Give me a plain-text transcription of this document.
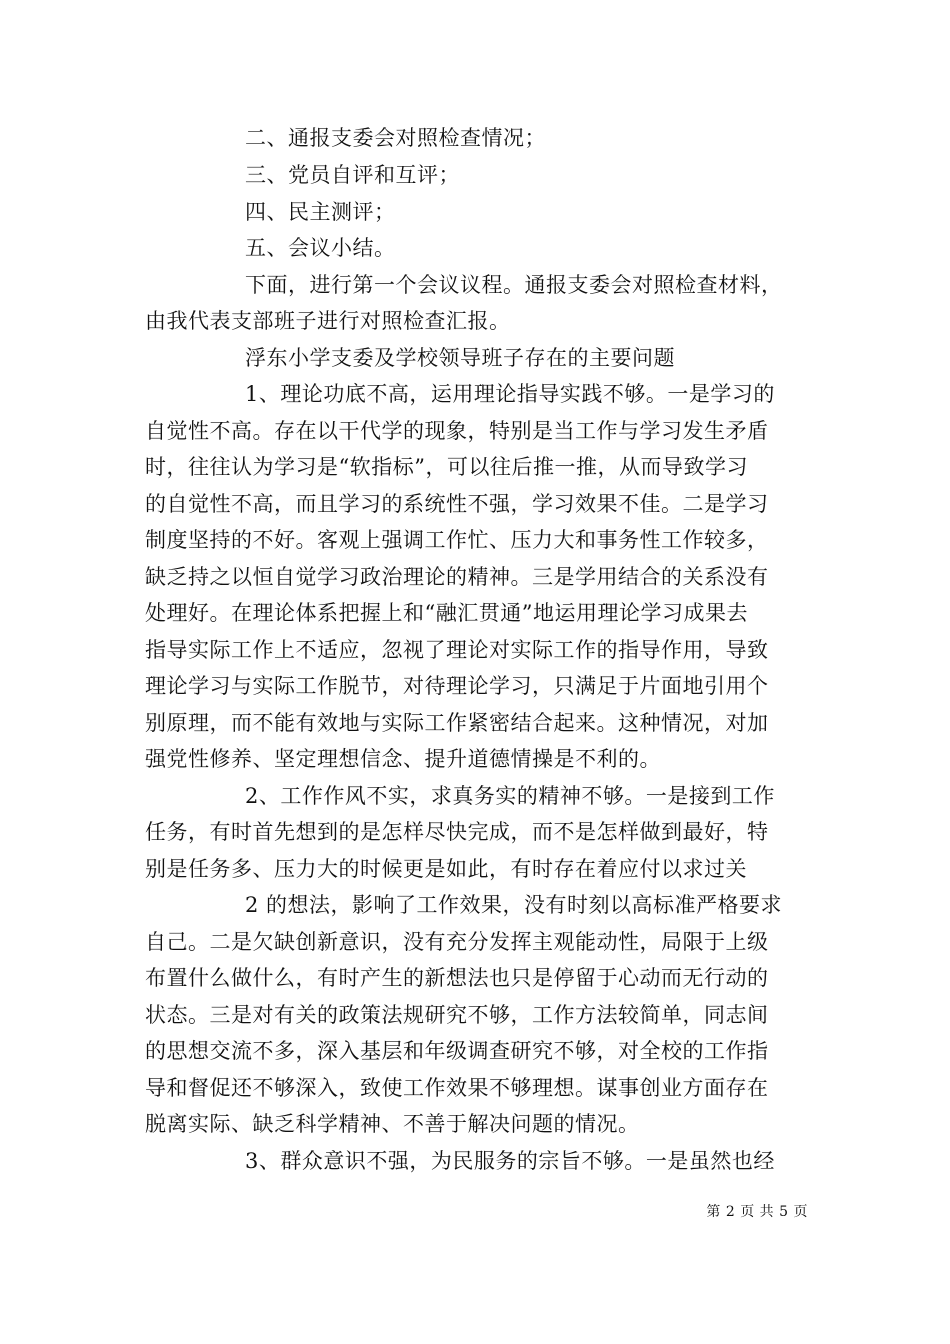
二、通报支委会对照检查情况；
三、党员自评和互评；
四、民主测评；
五、会议小结。
下面，进行第一个会议议程。通报支委会对照检查材料，
由我代表支部班子进行对照检查汇报。
浮东小学支委及学校领导班子存在的主要问题
1、理论功底不高，运用理论指导实践不够。一是学习的
自觉性不高。存在以干代学的现象，特别是当工作与学习发生矛盾
时，往往认为学习是“软指标”，可以往后推一推，从而导致学习
的自觉性不高，而且学习的系统性不强，学习效果不佳。二是学习
制度坚持的不好。客观上强调工作忙、压力大和事务性工作较多，
缺乏持之以恒自觉学习政治理论的精神。三是学用结合的关系没有
处理好。在理论体系把握上和“融汇贯通”地运用理论学习成果去
指导实际工作上不适应，忽视了理论对实际工作的指导作用，导致
理论学习与实际工作脱节，对待理论学习，只满足于片面地引用个
别原理，而不能有效地与实际工作紧密结合起来。这种情况，对加
强党性修养、坚定理想信念、提升道德情操是不利的。
2、工作作风不实，求真务实的精神不够。一是接到工作
任务，有时首先想到的是怎样尽快完成，而不是怎样做到最好，特
别是任务多、压力大的时候更是如此，有时存在着应付以求过关
2 的想法，影响了工作效果，没有时刻以高标准严格要求
自己。二是欠缺创新意识，没有充分发挥主观能动性，局限于上级
布置什么做什么，有时产生的新想法也只是停留于心动而无行动的
状态。三是对有关的政策法规研究不够，工作方法较简单，同志间
的思想交流不多，深入基层和年级调查研究不够，对全校的工作指
导和督促还不够深入，致使工作效果不够理想。谋事创业方面存在
脱离实际、缺乏科学精神、不善于解决问题的情况。
3、群众意识不强，为民服务的宗旨不够。一是虽然也经
第 2 页 共 5 页
